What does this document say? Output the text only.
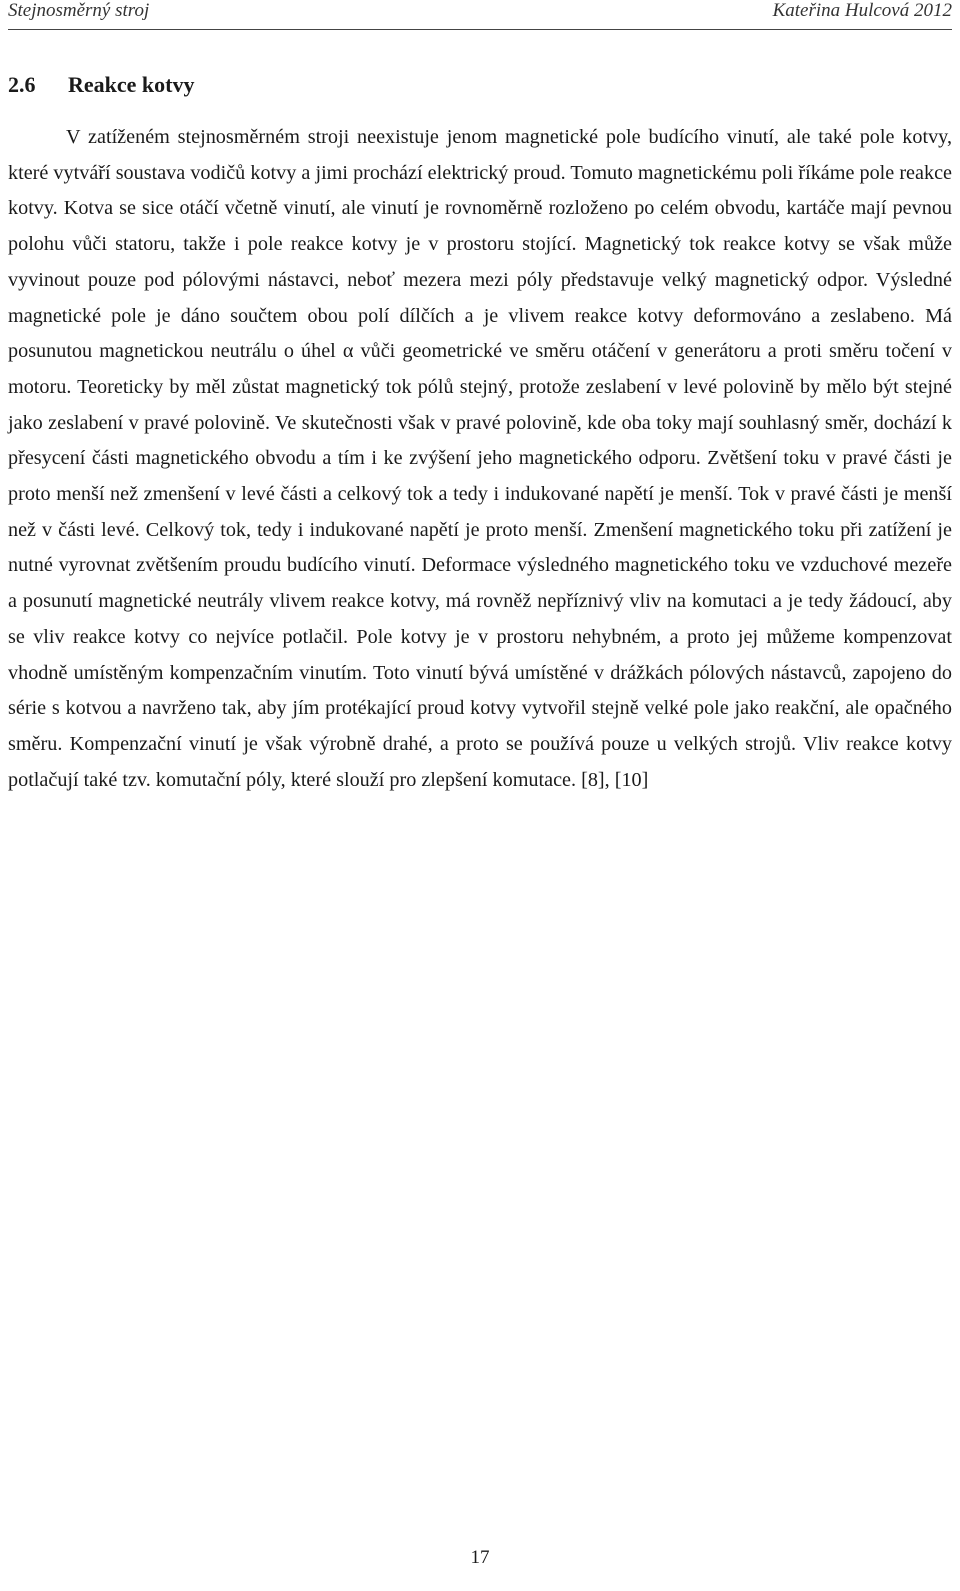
Stejnosměrný stroj	Kateřina Hulcová 2012
2.6 Reakce kotvy

V zatíženém stejnosměrném stroji neexistuje jenom magnetické pole budícího vinutí, ale také pole kotvy, které vytváří soustava vodičů kotvy a jimi prochází elektrický proud. Tomuto magnetickému poli říkáme pole reakce kotvy. Kotva se sice otáčí včetně vinutí, ale vinutí je rovnoměrně rozloženo po celém obvodu, kartáče mají pevnou polohu vůči statoru, takže i pole reakce kotvy je v prostoru stojící. Magnetický tok reakce kotvy se však může vyvinout pouze pod pólovými nástavci, neboť mezera mezi póly představuje velký magnetický odpor. Výsledné magnetické pole je dáno součtem obou polí dílčích a je vlivem reakce kotvy deformováno a zeslabeno. Má posunutou magnetickou neutrálu o úhel α vůči geometrické ve směru otáčení v generátoru a proti směru točení v motoru. Teoreticky by měl zůstat magnetický tok pólů stejný, protože zeslabení v levé polovině by mělo být stejné jako zeslabení v pravé polovině. Ve skutečnosti však v pravé polovině, kde oba toky mají souhlasný směr, dochází k přesycení části magnetického obvodu a tím i ke zvýšení jeho magnetického odporu. Zvětšení toku v pravé části je proto menší než zmenšení v levé části a celkový tok a tedy i indukované napětí je menší. Tok v pravé části je menší než v části levé. Celkový tok, tedy i indukované napětí je proto menší. Zmenšení magnetického toku při zatížení je nutné vyrovnat zvětšením proudu budícího vinutí. Deformace výsledného magnetického toku ve vzduchové mezeře a posunutí magnetické neutrály vlivem reakce kotvy, má rovněž nepříznivý vliv na komutaci a je tedy žádoucí, aby se vliv reakce kotvy co nejvíce potlačil. Pole kotvy je v prostoru nehybném, a proto jej můžeme kompenzovat vhodně umístěným kompenzačním vinutím. Toto vinutí bývá umístěné v drážkách pólových nástavců, zapojeno do série s kotvou a navrženo tak, aby jím protékající proud kotvy vytvořil stejně velké pole jako reakční, ale opačného směru. Kompenzační vinutí je však výrobně drahé, a proto se používá pouze u velkých strojů. Vliv reakce kotvy potlačují také tzv. komutační póly, které slouží pro zlepšení komutace. [8], [10]

17
